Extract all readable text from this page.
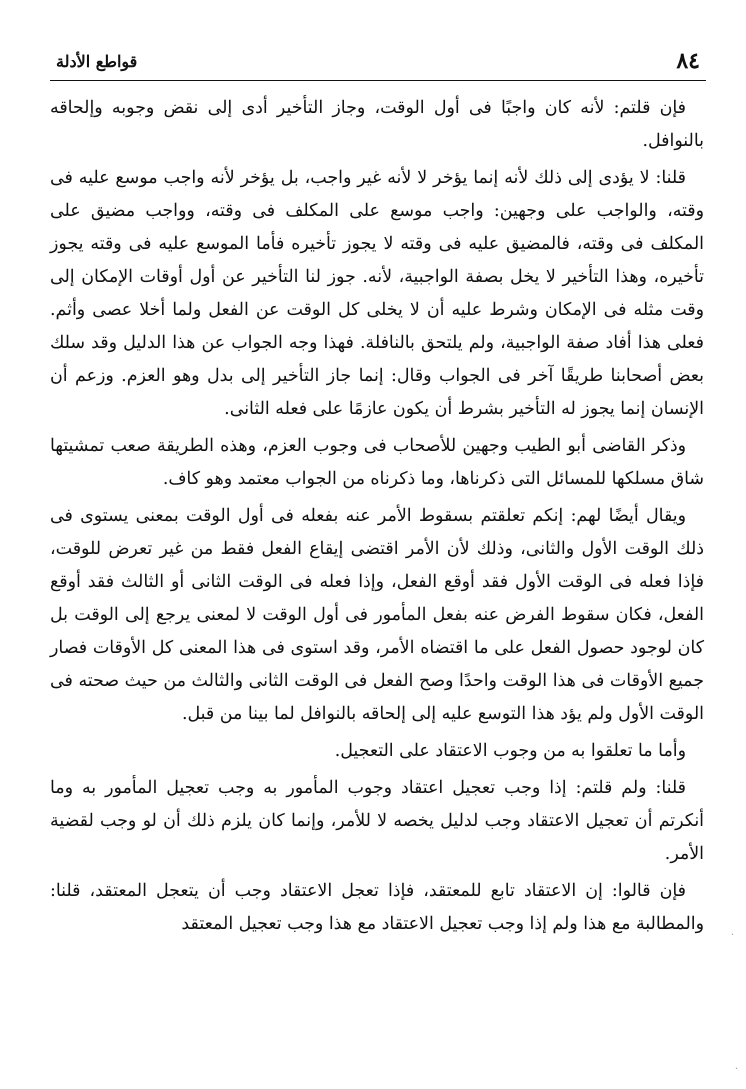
٨٤
قواطع الأدلة

فإن قلتم: لأنه كان واجبًا فى أول الوقت، وجاز التأخير أدى إلى نقض وجوبه وإلحاقه بالنوافل.

قلنا: لا يؤدى إلى ذلك لأنه إنما يؤخر لا لأنه غير واجب، بل يؤخر لأنه واجب موسع عليه فى وقته، والواجب على وجهين: واجب موسع على المكلف فى وقته، وواجب مضيق على المكلف فى وقته، فالمضيق عليه فى وقته لا يجوز تأخيره فأما الموسع عليه فى وقته يجوز تأخيره، وهذا التأخير لا يخل بصفة الواجبية، لأنه. جوز لنا التأخير عن أول أوقات الإمكان إلى وقت مثله فى الإمكان وشرط عليه أن لا يخلى كل الوقت عن الفعل ولما أخلا عصى وأثم. فعلى هذا أفاد صفة الواجبية، ولم يلتحق بالنافلة. فهذا وجه الجواب عن هذا الدليل وقد سلك بعض أصحابنا طريقًا آخر فى الجواب وقال: إنما جاز التأخير إلى بدل وهو العزم. وزعم أن الإنسان إنما يجوز له التأخير بشرط أن يكون عازمًا على فعله الثانى.

وذكر القاضى أبو الطيب وجهين للأصحاب فى وجوب العزم، وهذه الطريقة صعب تمشيتها شاق مسلكها للمسائل التى ذكرناها، وما ذكرناه من الجواب معتمد وهو كاف.

ويقال أيضًا لهم: إنكم تعلقتم بسقوط الأمر عنه بفعله فى أول الوقت بمعنى يستوى فى ذلك الوقت الأول والثانى، وذلك لأن الأمر اقتضى إيقاع الفعل فقط من غير تعرض للوقت، فإذا فعله فى الوقت الأول فقد أوقع الفعل، وإذا فعله فى الوقت الثانى أو الثالث فقد أوقع الفعل، فكان سقوط الفرض عنه بفعل المأمور فى أول الوقت لا لمعنى يرجع إلى الوقت بل كان لوجود حصول الفعل على ما اقتضاه الأمر، وقد استوى فى هذا المعنى كل الأوقات فصار جميع الأوقات فى هذا الوقت واحدًا وصح الفعل فى الوقت الثانى والثالث من حيث صحته فى الوقت الأول ولم يؤد هذا التوسع عليه إلى إلحاقه بالنوافل لما بينا من قبل.

وأما ما تعلقوا به من وجوب الاعتقاد على التعجيل.

قلنا: ولم قلتم: إذا وجب تعجيل اعتقاد وجوب المأمور به وجب تعجيل المأمور به وما أنكرتم أن تعجيل الاعتقاد وجب لدليل يخصه لا للأمر، وإنما كان يلزم ذلك أن لو وجب لقضية الأمر.

فإن قالوا: إن الاعتقاد تابع للمعتقد، فإذا تعجل الاعتقاد وجب أن يتعجل المعتقد، قلنا: والمطالبة مع هذا ولم إذا وجب تعجيل الاعتقاد مع هذا وجب تعجيل المعتقد

·
·
